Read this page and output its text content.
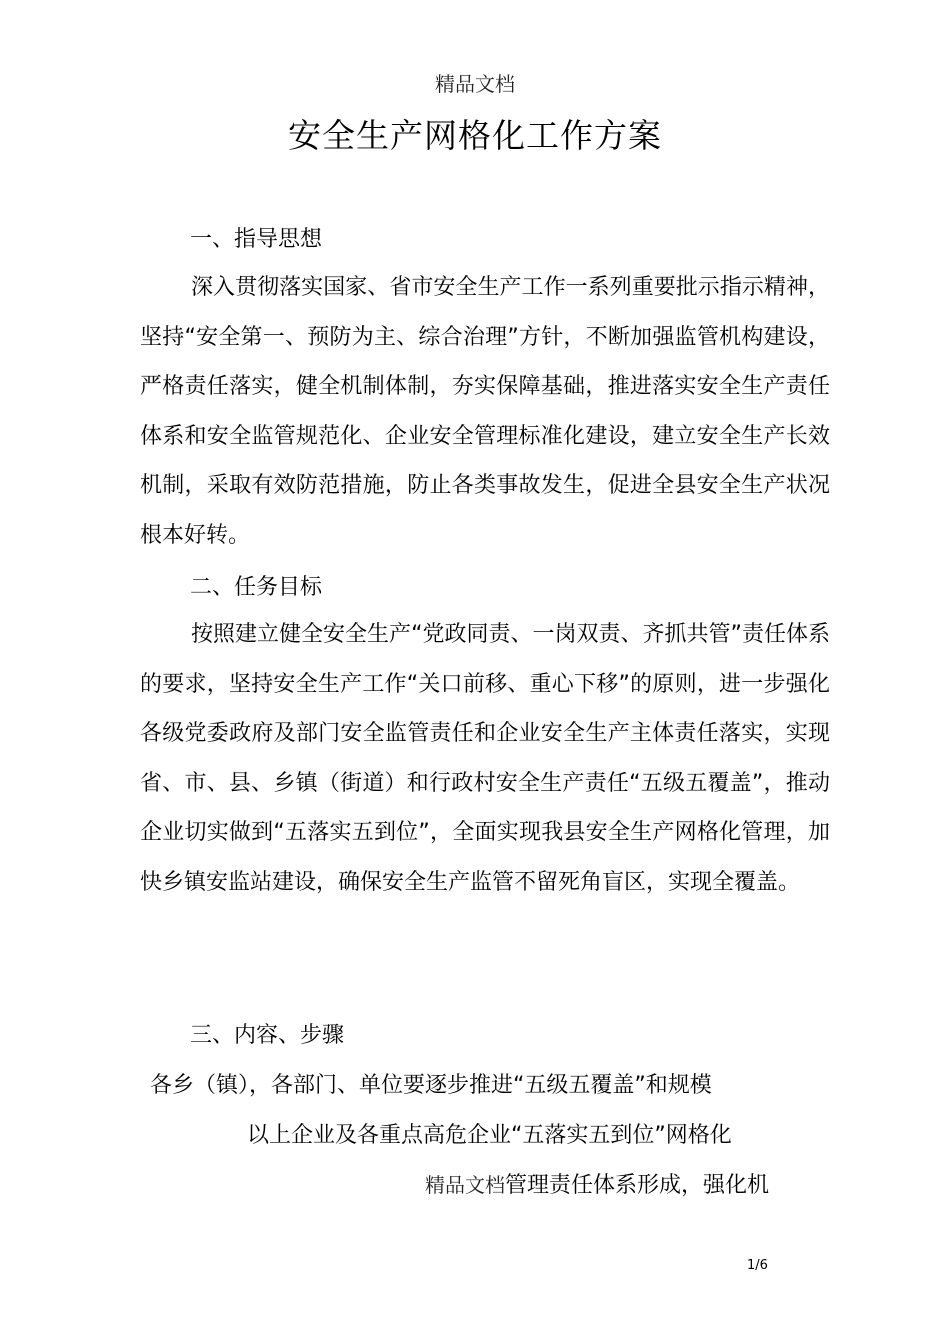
精品文档
安全生产网格化工作方案
一、指导思想

深入贯彻落实国家、省市安全生产工作一系列重要批示指示精神，坚持“安全第一、预防为主、综合治理”方针，不断加强监管机构建设，严格责任落实，健全机制体制，夯实保障基础，推进落实安全生产责任体系和安全监管规范化、企业安全管理标准化建设，建立安全生产长效机制，采取有效防范措施，防止各类事故发生，促进全县安全生产状况根本好转。

二、任务目标

按照建立健全安全生产“党政同责、一岗双责、齐抓共管”责任体系的要求，坚持安全生产工作“关口前移、重心下移”的原则，进一步强化各级党委政府及部门安全监管责任和企业安全生产主体责任落实，实现省、市、县、乡镇（街道）和行政村安全生产责任“五级五覆盖”，推动企业切实做到“五落实五到位”，全面实现我县安全生产网格化管理，加快乡镇安监站建设，确保安全生产监管不留死角盲区，实现全覆盖。

三、内容、步骤

各乡（镇），各部门、单位要逐步推进“五级五覆盖”和规模

以上企业及各重点高危企业“五落实五到位”网格化

精品文档管理责任体系形成，强化机

1/6
